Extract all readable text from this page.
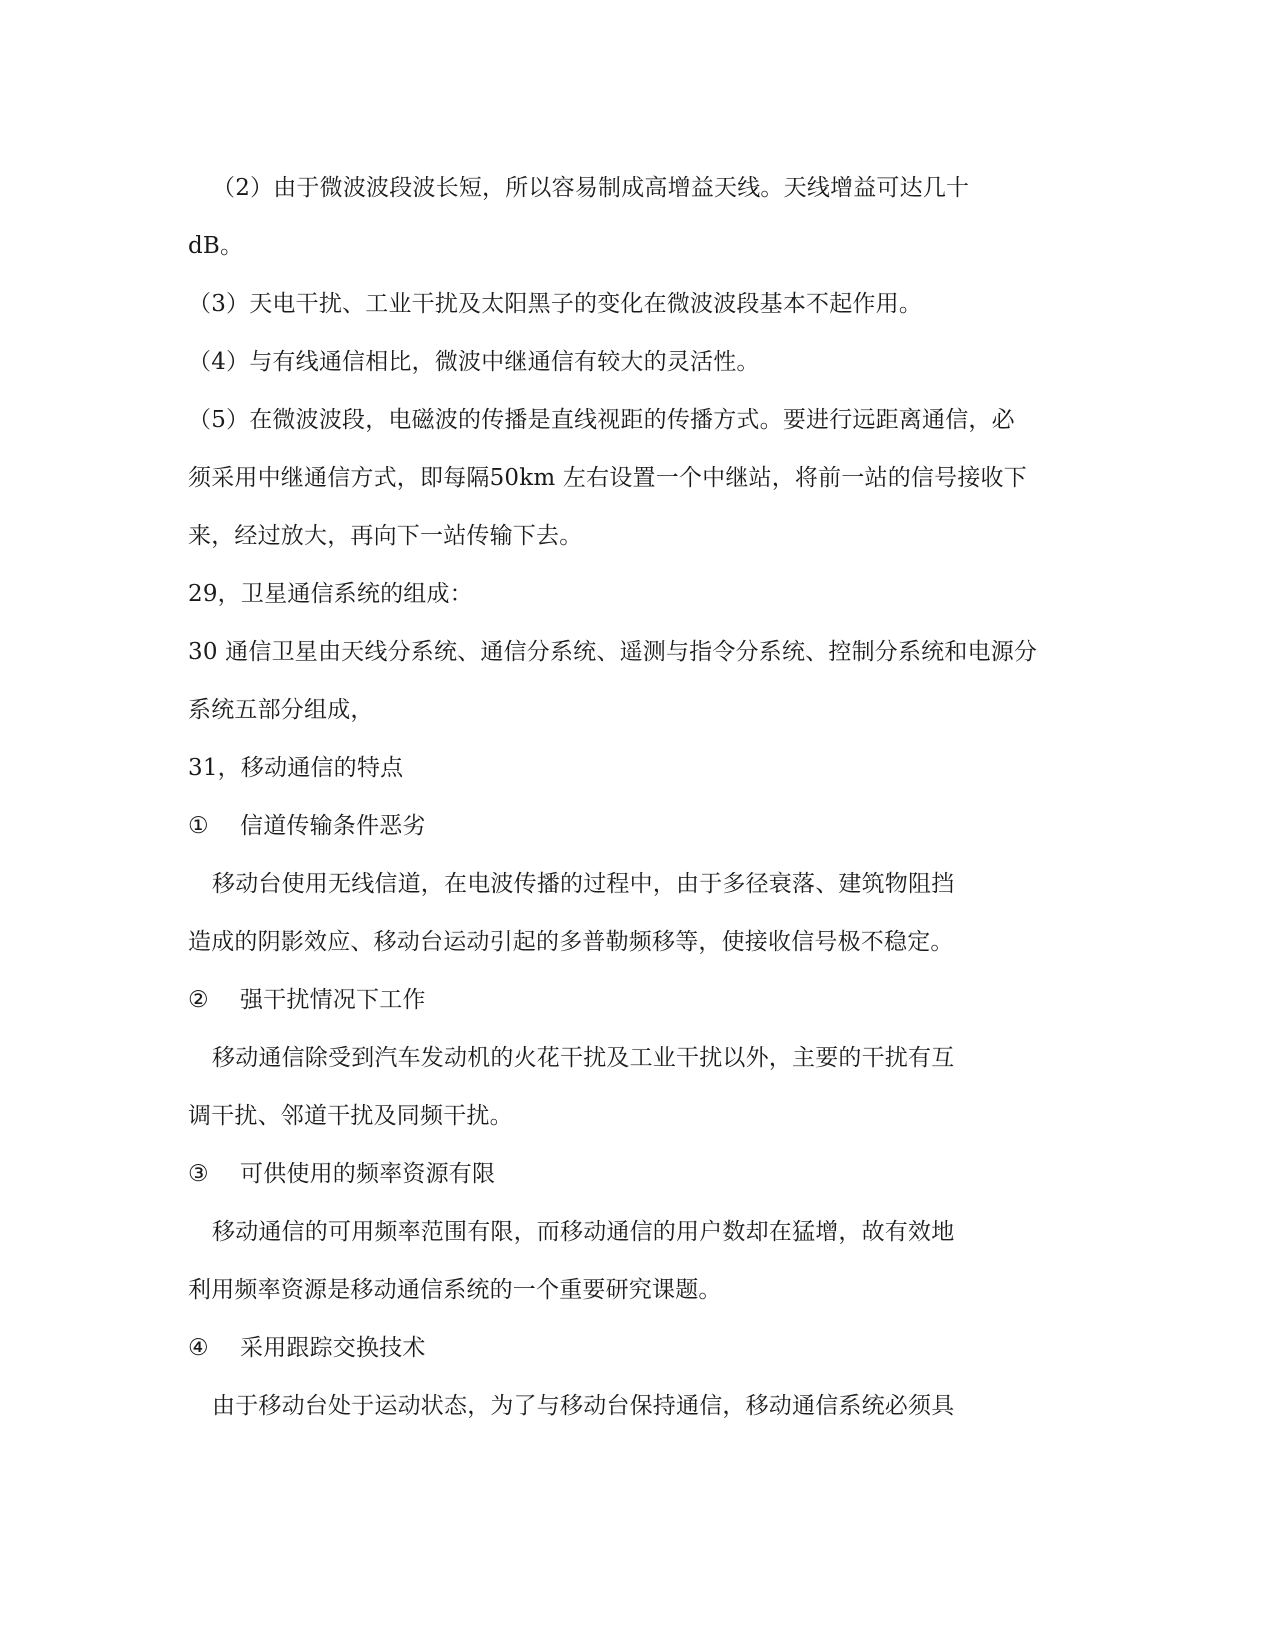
（2）由于微波波段波长短，所以容易制成高增益天线。天线增益可达几十
dB。
（3）天电干扰、工业干扰及太阳黑子的变化在微波波段基本不起作用。
（4）与有线通信相比，微波中继通信有较大的灵活性。
（5）在微波波段，电磁波的传播是直线视距的传播方式。要进行远距离通信，必
须采用中继通信方式，即每隔50km 左右设置一个中继站，将前一站的信号接收下
来，经过放大，再向下一站传输下去。
29，卫星通信系统的组成：
30 通信卫星由天线分系统、通信分系统、遥测与指令分系统、控制分系统和电源分
系统五部分组成，
31，移动通信的特点
① 信道传输条件恶劣
移动台使用无线信道，在电波传播的过程中，由于多径衰落、建筑物阻挡
造成的阴影效应、移动台运动引起的多普勒频移等，使接收信号极不稳定。
② 强干扰情况下工作
移动通信除受到汽车发动机的火花干扰及工业干扰以外，主要的干扰有互
调干扰、邻道干扰及同频干扰。
③ 可供使用的频率资源有限
移动通信的可用频率范围有限，而移动通信的用户数却在猛增，故有效地
利用频率资源是移动通信系统的一个重要研究课题。
④ 采用跟踪交换技术
由于移动台处于运动状态，为了与移动台保持通信，移动通信系统必须具
